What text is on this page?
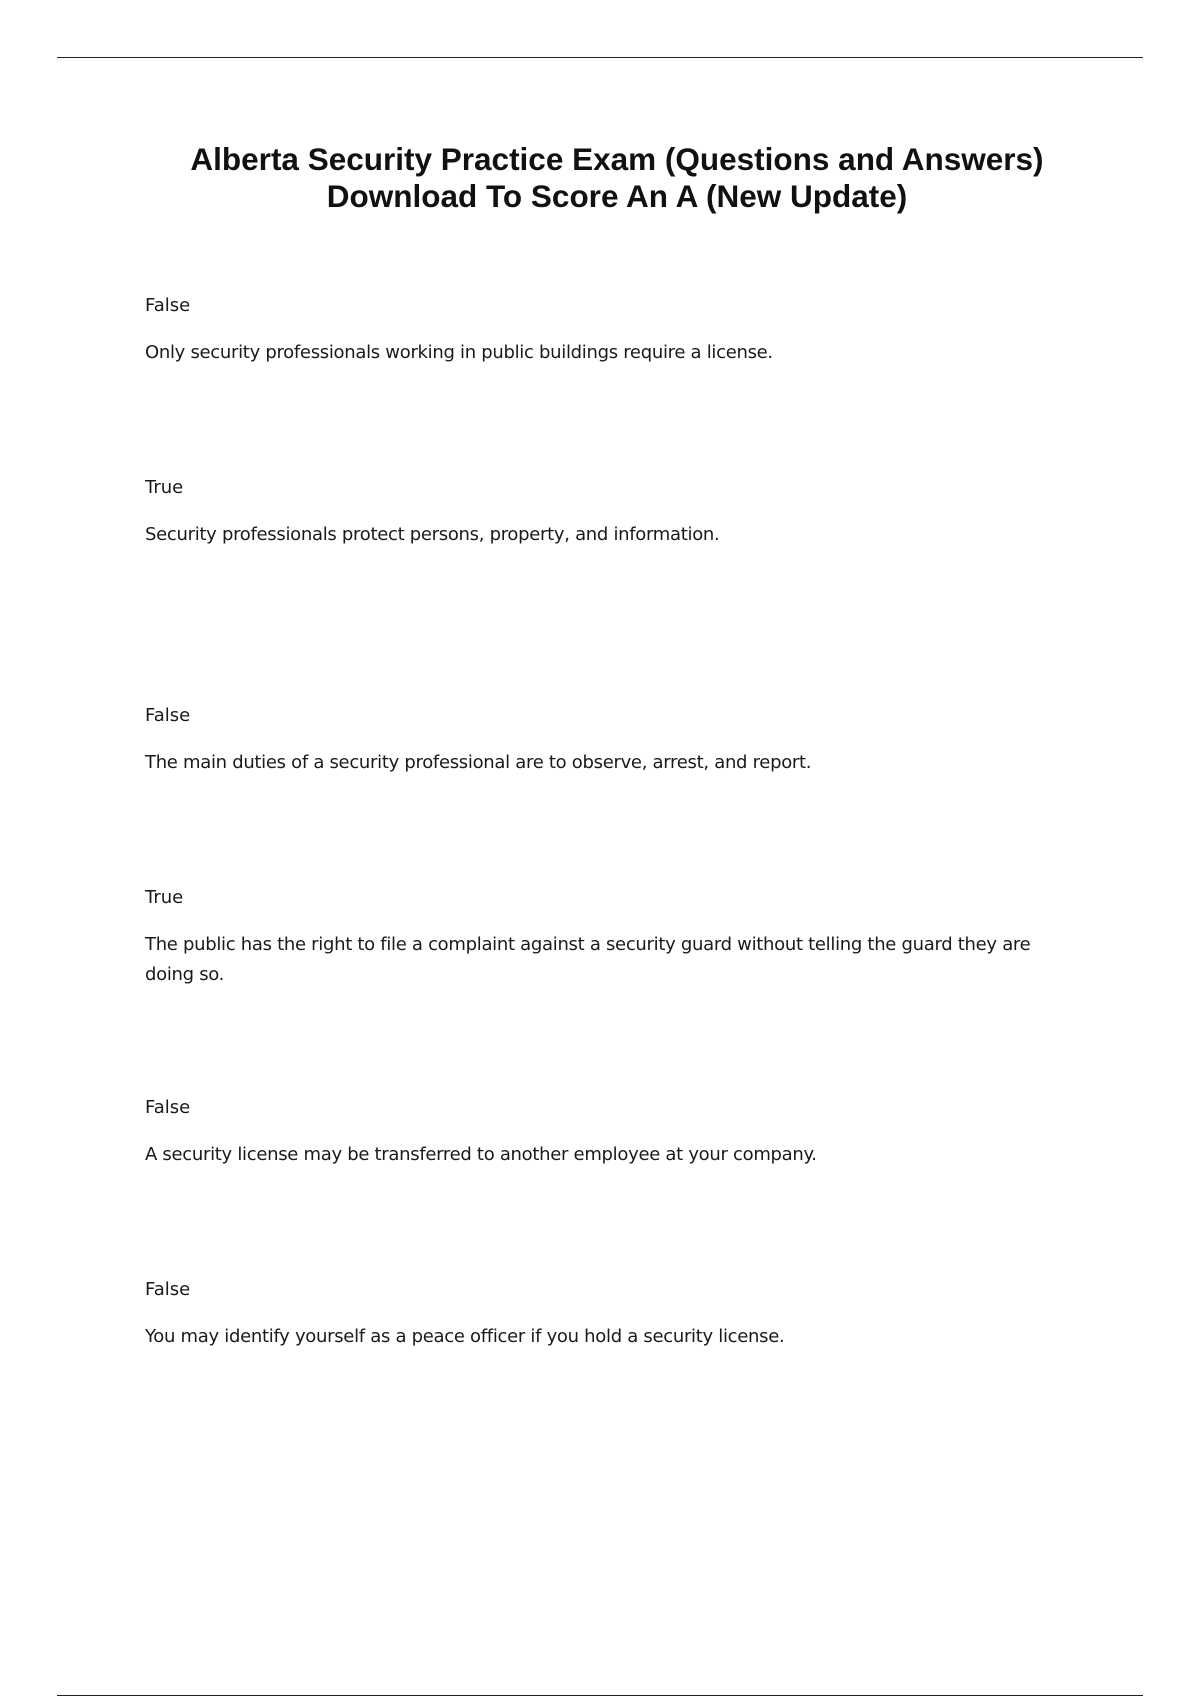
Alberta Security Practice Exam (Questions and Answers)
Download To Score An A (New Update)

False

Only security professionals working in public buildings require a license.

True

Security professionals protect persons, property, and information.

False

The main duties of a security professional are to observe, arrest, and report.

True

The public has the right to file a complaint against a security guard without telling the guard they are doing so.

False

A security license may be transferred to another employee at your company.

False

You may identify yourself as a peace officer if you hold a security license.
